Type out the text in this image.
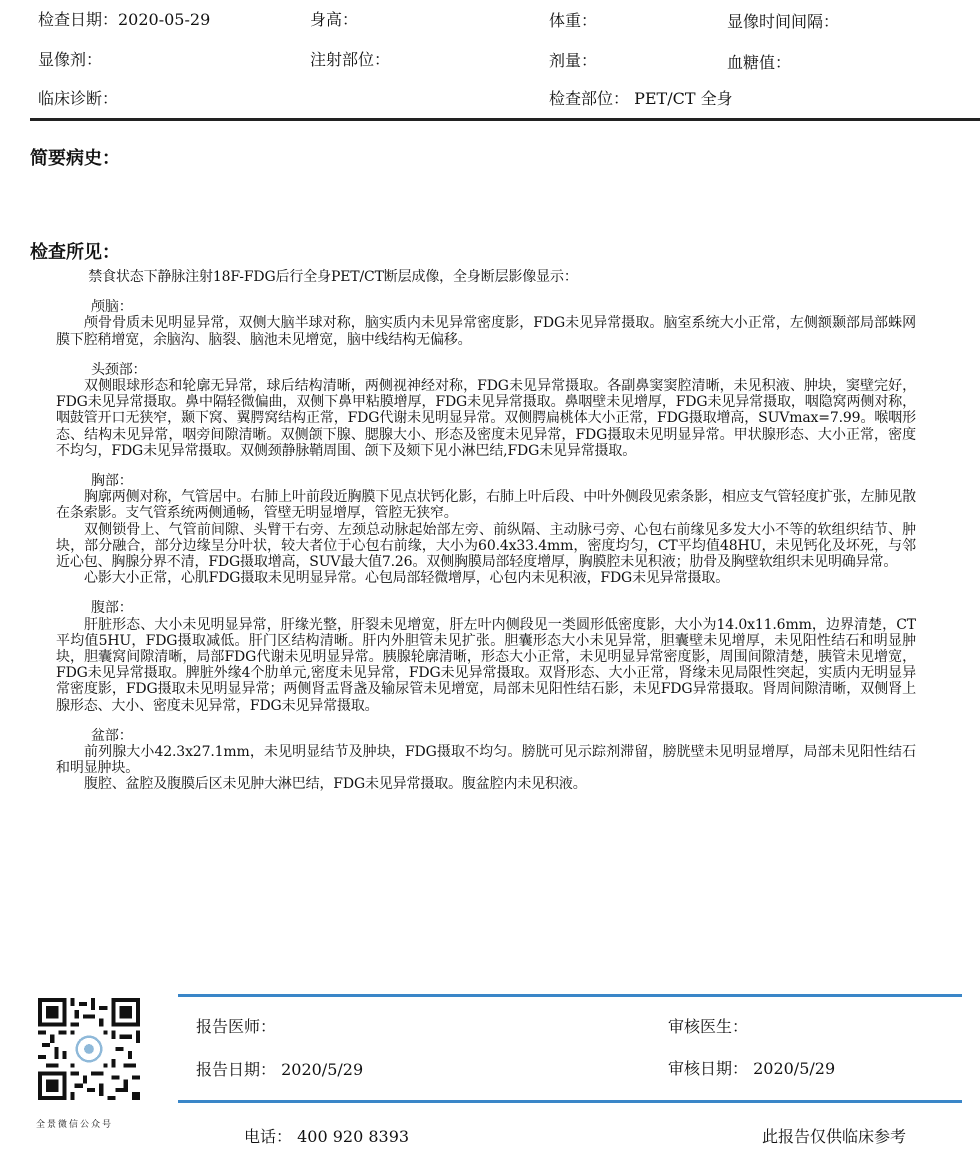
检查日期：2020-05-29	身高：	体重：	显像时间间隔：
显像剂：	注射部位：	剂量：	血糖值：
临床诊断：	检查部位： PET/CT 全身
简要病史：
检查所见：

禁食状态下静脉注射18F-FDG后行全身PET/CT断层成像，全身断层影像显示：

颅脑：

颅骨骨质未见明显异常，双侧大脑半球对称，脑实质内未见异常密度影，FDG未见异常摄取。脑室系统大小正常，左侧额颞部局部蛛网膜下腔稍增宽，余脑沟、脑裂、脑池未见增宽，脑中线结构无偏移。

头颈部：

双侧眼球形态和轮廓无异常，球后结构清晰，两侧视神经对称，FDG未见异常摄取。各副鼻窦窦腔清晰，未见积液、肿块，窦壁完好，FDG未见异常摄取。鼻中隔轻微偏曲，双侧下鼻甲粘膜增厚，FDG未见异常摄取。鼻咽壁未见增厚，FDG未见异常摄取，咽隐窝两侧对称，咽鼓管开口无狭窄，颞下窝、翼腭窝结构正常，FDG代谢未见明显异常。双侧腭扁桃体大小正常，FDG摄取增高，SUVmax=7.99。喉咽形态、结构未见异常，咽旁间隙清晰。双侧颌下腺、腮腺大小、形态及密度未见异常，FDG摄取未见明显异常。甲状腺形态、大小正常，密度不均匀，FDG未见异常摄取。双侧颈静脉鞘周围、颌下及颏下见小淋巴结,FDG未见异常摄取。

胸部：

胸廓两侧对称，气管居中。右肺上叶前段近胸膜下见点状钙化影，右肺上叶后段、中叶外侧段见索条影，相应支气管轻度扩张，左肺见散在条索影。支气管系统两侧通畅，管壁无明显增厚，管腔无狭窄。

双侧锁骨上、气管前间隙、头臂干右旁、左颈总动脉起始部左旁、前纵隔、主动脉弓旁、心包右前缘见多发大小不等的软组织结节、肿块，部分融合，部分边缘呈分叶状，较大者位于心包右前缘，大小为60.4x33.4mm，密度均匀，CT平均值48HU，未见钙化及坏死，与邻近心包、胸腺分界不清，FDG摄取增高，SUV最大值7.26。双侧胸膜局部轻度增厚，胸膜腔未见积液；肋骨及胸壁软组织未见明确异常。

心影大小正常，心肌FDG摄取未见明显异常。心包局部轻微增厚，心包内未见积液，FDG未见异常摄取。

腹部：

肝脏形态、大小未见明显异常，肝缘光整，肝裂未见增宽，肝左叶内侧段见一类圆形低密度影，大小为14.0x11.6mm，边界清楚，CT平均值5HU，FDG摄取减低。肝门区结构清晰。肝内外胆管未见扩张。胆囊形态大小未见异常，胆囊壁未见增厚，未见阳性结石和明显肿块，胆囊窝间隙清晰，局部FDG代谢未见明显异常。胰腺轮廓清晰，形态大小正常，未见明显异常密度影，周围间隙清楚，胰管未见增宽，FDG未见异常摄取。脾脏外缘4个肋单元,密度未见异常，FDG未见异常摄取。双肾形态、大小正常，肾缘未见局限性突起，实质内无明显异常密度影，FDG摄取未见明显异常；两侧肾盂肾盏及输尿管未见增宽，局部未见阳性结石影，未见FDG异常摄取。肾周间隙清晰，双侧肾上腺形态、大小、密度未见异常，FDG未见异常摄取。

盆部：

前列腺大小42.3x27.1mm，未见明显结节及肿块，FDG摄取不均匀。膀胱可见示踪剂滞留，膀胱壁未见明显增厚，局部未见阳性结石和明显肿块。

腹腔、盆腔及腹膜后区未见肿大淋巴结，FDG未见异常摄取。腹盆腔内未见积液。

全景微信公众号
报告医师：	审核医生：
报告日期： 2020/5/29	审核日期： 2020/5/29
电话： 400 920 8393	此报告仅供临床参考
